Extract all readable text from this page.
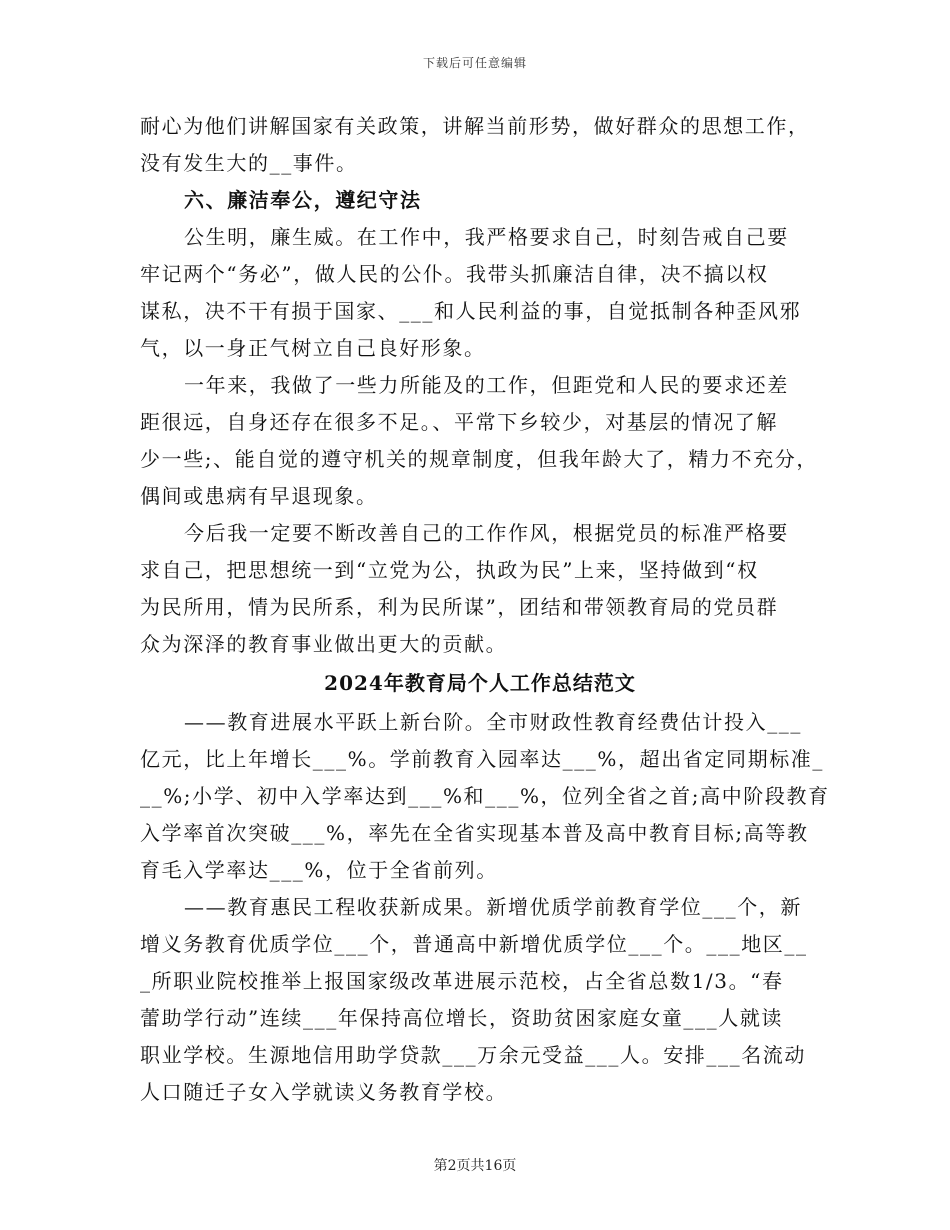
下载后可任意编辑
耐心为他们讲解国家有关政策，讲解当前形势，做好群众的思想工作，
没有发生大的__事件。
六、廉洁奉公，遵纪守法
公生明，廉生威。在工作中，我严格要求自己，时刻告戒自己要
牢记两个“务必”，做人民的公仆。我带头抓廉洁自律，决不搞以权
谋私，决不干有损于国家、___和人民利益的事，自觉抵制各种歪风邪
气，以一身正气树立自己良好形象。
一年来，我做了一些力所能及的工作，但距党和人民的要求还差
距很远，自身还存在很多不足。、平常下乡较少，对基层的情况了解
少一些;、能自觉的遵守机关的规章制度，但我年龄大了，精力不充分，
偶间或患病有早退现象。
今后我一定要不断改善自己的工作作风，根据党员的标准严格要
求自己，把思想统一到“立党为公，执政为民”上来，坚持做到“权
为民所用，情为民所系，利为民所谋”，团结和带领教育局的党员群
众为深泽的教育事业做出更大的贡献。
2024年教育局个人工作总结范文
——教育进展水平跃上新台阶。全市财政性教育经费估计投入___
亿元，比上年增长___%。学前教育入园率达___%，超出省定同期标准_
__%;小学、初中入学率达到___%和___%，位列全省之首;高中阶段教育
入学率首次突破___%，率先在全省实现基本普及高中教育目标;高等教
育毛入学率达___%，位于全省前列。
——教育惠民工程收获新成果。新增优质学前教育学位___个，新
增义务教育优质学位___个，普通高中新增优质学位___个。___地区__
_所职业院校推举上报国家级改革进展示范校，占全省总数1/3。“春
蕾助学行动”连续___年保持高位增长，资助贫困家庭女童___人就读
职业学校。生源地信用助学贷款___万余元受益___人。安排___名流动
人口随迁子女入学就读义务教育学校。
第2页共16页
